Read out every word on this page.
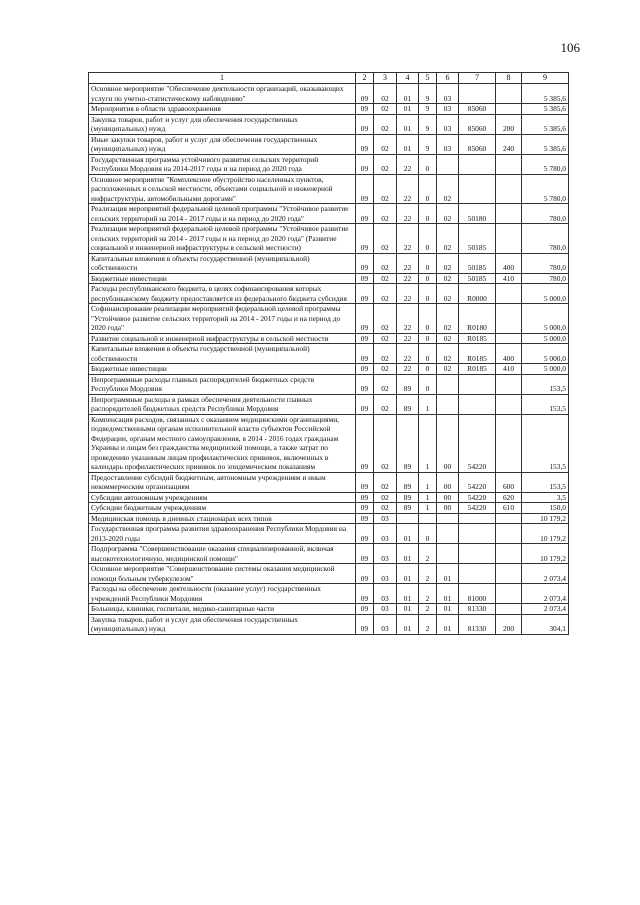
106
1	2	3	4	5	6	7	8	9
Основное мероприятие "Обеспечение деятельности организаций, оказывающих услуги по учетно-статистическому наблюдению"	09	02	01	9	03			5 385,6
Мероприятия в области здравоохранения	09	02	01	9	03	85060		5 385,6
Закупка товаров, работ и услуг для обеспечения государственных (муниципальных) нужд	09	02	01	9	03	85060	200	5 385,6
Иные закупки товаров, работ и услуг для обеспечения государственных (муниципальных) нужд	09	02	01	9	03	85060	240	5 385,6
Государственная программа устойчивого развития сельских территорий Республики Мордовия на 2014-2017 годы и на период до 2020 года	09	02	22	0				5 780,0
Основное мероприятие "Комплексное обустройство населенных пунктов, расположенных в сельской местности, объектами социальной и инженерной инфраструктуры, автомобильными дорогами"	09	02	22	0	02			5 780,0
Реализация мероприятий федеральной целевой программы "Устойчивое развитие сельских территорий на 2014 - 2017 годы и на период до 2020 года"	09	02	22	0	02	50180		780,0
Реализация мероприятий федеральной целевой программы "Устойчивое развитие сельских территорий на 2014 - 2017 годы и на период до 2020 года" (Развитие социальной и инженерной инфраструктуры в сельской местности)	09	02	22	0	02	50185		780,0
Капитальные вложения в объекты государственной (муниципальной) собственности	09	02	22	0	02	50185	400	780,0
Бюджетные инвестиции	09	02	22	0	02	50185	410	780,0
Расходы республиканского бюджета, в целях софинансирования которых республиканскому бюджету предоставляется из федерального бюджета субсидия	09	02	22	0	02	R0000		5 000,0
Софинансирование реализации мероприятий федеральной целевой программы "Устойчивое развитие сельских территорий на 2014 - 2017 годы и на период до 2020 года"	09	02	22	0	02	R0180		5 000,0
Развитие социальной и инженерной инфраструктуры в сельской местности	09	02	22	0	02	R0185		5 000,0
Капитальные вложения в объекты государственной (муниципальной) собственности	09	02	22	0	02	R0185	400	5 000,0
Бюджетные инвестиции	09	02	22	0	02	R0185	410	5 000,0
Непрограммные расходы главных распорядителей бюджетных средств Республики Мордовия	09	02	89	0				153,5
Непрограммные расходы в рамках обеспечения деятельности главных распорядителей бюджетных средств Республики Мордовия	09	02	89	1				153,5
Компенсация расходов, связанных с оказанием медицинскими организациями, подведомственными органам исполнительной власти субъектов Российской Федерации, органам местного самоуправления, в 2014 - 2016 годах гражданам Украины и лицам без гражданства медицинской помощи, а также затрат по проведению указанным лицам профилактических прививок, включенных в календарь профилактических прививок по эпидемическим показаниям	09	02	89	1	00	54220		153,5
Предоставление субсидий бюджетным, автономным учреждениям и иным некоммерческим организациям	09	02	89	1	00	54220	600	153,5
Субсидии автономным учреждениям	09	02	89	1	00	54220	620	3,5
Субсидии бюджетным учреждениям	09	02	89	1	00	54220	610	150,0
Медицинская помощь в дневных стационарах всех типов	09	03						10 179,2
Государственная программа развития здравоохранения Республики Мордовия на 2013-2020 годы	09	03	01	0				10 179,2
Подпрограмма "Совершенствование оказания специализированной, включая высокотехнологичную, медицинской помощи"	09	03	01	2				10 179,2
Основное мероприятие "Совершенствование системы оказания медицинской помощи больным туберкулезом"	09	03	01	2	01			2 073,4
Расходы на обеспечение деятельности (оказание услуг) государственных учреждений Республики Мордовия	09	03	01	2	01	81000		2 073,4
Больницы, клиники, госпитали, медико-санитарные части	09	03	01	2	01	81330		2 073,4
Закупка товаров, работ и услуг для обеспечения государственных (муниципальных) нужд	09	03	01	2	01	81330	200	304,1
